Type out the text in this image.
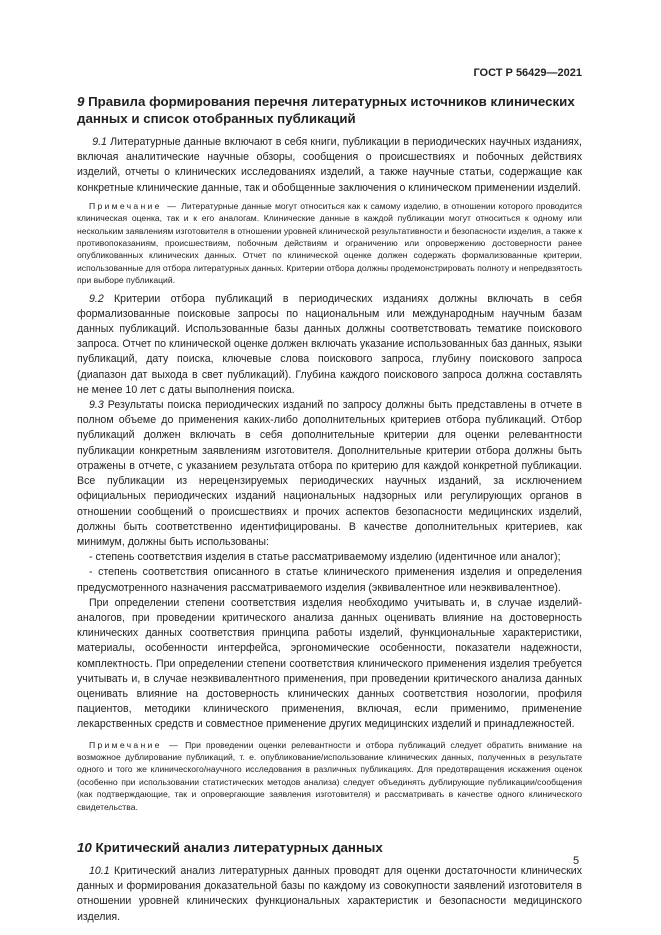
ГОСТ Р 56429—2021
9 Правила формирования перечня литературных источников клинических данных и список отобранных публикаций

9.1 Литературные данные включают в себя книги, публикации в периодических научных изданиях, включая аналитические научные обзоры, сообщения о происшествиях и побочных действиях изделий, отчеты о клинических исследованиях изделий, а также научные статьи, содержащие как конкретные клинические данные, так и обобщенные заключения о клиническом применении изделий.

Примечание — Литературные данные могут относиться как к самому изделию, в отношении которого проводится клиническая оценка, так и к его аналогам. Клинические данные в каждой публикации могут относиться к одному или нескольким заявлениям изготовителя в отношении уровней клинической результативности и безопасности изделия, а также к противопоказаниям, происшествиям, побочным действиям и ограничению или опровержению достоверности ранее опубликованных клинических данных. Отчет по клинической оценке должен содержать формализованные критерии, использованные для отбора литературных данных. Критерии отбора должны продемонстрировать полноту и непредвзятость при выборе публикаций.

9.2 Критерии отбора публикаций в периодических изданиях должны включать в себя формализованные поисковые запросы по национальным или международным научным базам данных публикаций. Использованные базы данных должны соответствовать тематике поискового запроса. Отчет по клинической оценке должен включать указание использованных баз данных, языки публикаций, дату поиска, ключевые слова поискового запроса, глубину поискового запроса (диапазон дат выхода в свет публикаций). Глубина каждого поискового запроса должна составлять не менее 10 лет с даты выполнения поиска.

9.3 Результаты поиска периодических изданий по запросу должны быть представлены в отчете в полном объеме до применения каких-либо дополнительных критериев отбора публикаций. Отбор публикаций должен включать в себя дополнительные критерии для оценки релевантности публикации конкретным заявлениям изготовителя. Дополнительные критерии отбора должны быть отражены в отчете, с указанием результата отбора по критерию для каждой конкретной публикации. Все публикации из нерецензируемых периодических научных изданий, за исключением официальных периодических изданий национальных надзорных или регулирующих органов в отношении сообщений о происшествиях и прочих аспектов безопасности медицинских изделий, должны быть соответственно идентифицированы. В качестве дополнительных критериев, как минимум, должны быть использованы:

- степень соответствия изделия в статье рассматриваемому изделию (идентичное или аналог);

- степень соответствия описанного в статье клинического применения изделия и определения предусмотренного назначения рассматриваемого изделия (эквивалентное или неэквивалентное).

При определении степени соответствия изделия необходимо учитывать и, в случае изделий-аналогов, при проведении критического анализа данных оценивать влияние на достоверность клинических данных соответствия принципа работы изделий, функциональные характеристики, материалы, особенности интерфейса, эргономические особенности, показатели надежности, комплектность. При определении степени соответствия клинического применения изделия требуется учитывать и, в случае неэквивалентного применения, при проведении критического анализа данных оценивать влияние на достоверность клинических данных соответствия нозологии, профиля пациентов, методики клинического применения, включая, если применимо, применение лекарственных средств и совместное применение других медицинских изделий и принадлежностей.

Примечание — При проведении оценки релевантности и отбора публикаций следует обратить внимание на возможное дублирование публикаций, т. е. опубликование/использование клинических данных, полученных в результате одного и того же клинического/научного исследования в различных публикациях. Для предотвращения искажения оценок (особенно при использовании статистических методов анализа) следует объединять дублирующие публикации/сообщения (как подтверждающие, так и опровергающие заявления изготовителя) и рассматривать в качестве одного клинического свидетельства.

10 Критический анализ литературных данных

10.1 Критический анализ литературных данных проводят для оценки достаточности клинических данных и формирования доказательной базы по каждому из совокупности заявлений изготовителя в отношении уровней клинических функциональных характеристик и безопасности медицинского изделия.

5
